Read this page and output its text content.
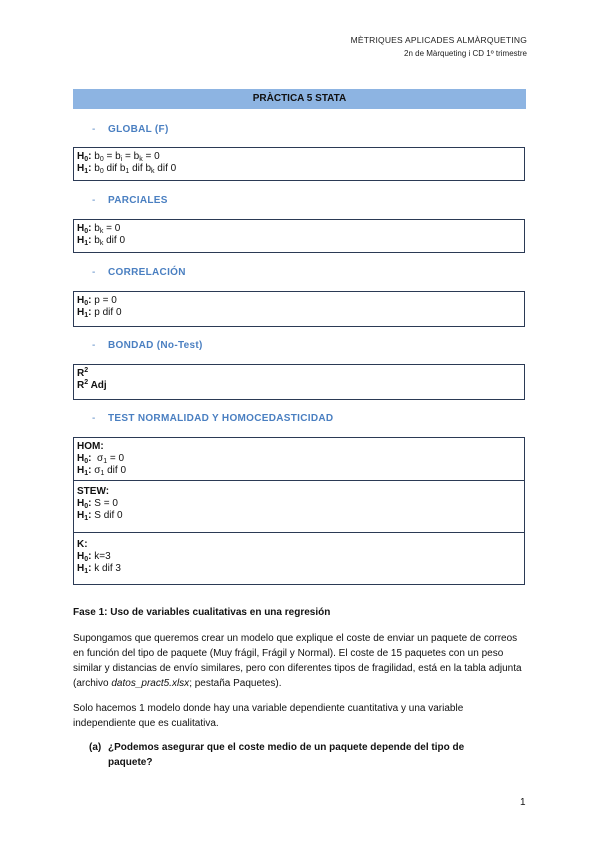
MÈTRIQUES APLICADES ALMÀRQUETING
2n de Màrqueting i CD 1º trimestre
PRÀCTICA 5 STATA
- GLOBAL (F)
$H_0$: $b_0 = b_i = b_k = 0$
$H_1$: $b_0$ dif $b_1$ dif $b_k$ dif 0
- PARCIALES
$H_0$: $b_k = 0$
$H_1$: $b_k$ dif 0
- CORRELACIÓN
$H_0$: p = 0
$H_1$: p dif 0
- BONDAD (No-Test)
$R^2$
$R^2$ Adj
- TEST NORMALIDAD Y HOMOCEDASTICIDAD
HOM:
$H_0$: $\sigma_1 = 0$
$H_1$: $\sigma_1$ dif 0
STEW:
$H_0$: S = 0
$H_1$: S dif 0
K:
$H_0$: k=3
$H_1$: k dif 3
Fase 1: Uso de variables cualitativas en una regresión
Supongamos que queremos crear un modelo que explique el coste de enviar un paquete de correos en función del tipo de paquete (Muy frágil, Frágil y Normal). El coste de 15 paquetes con un peso similar y distancias de envío similares, pero con diferentes tipos de fragilidad, está en la tabla adjunta (archivo datos_pract5.xlsx; pestaña Paquetes).
Solo hacemos 1 modelo donde hay una variable dependiente cuantitativa y una variable independiente que es cualitativa.
(a) ¿Podemos asegurar que el coste medio de un paquete depende del tipo de paquete?
1
